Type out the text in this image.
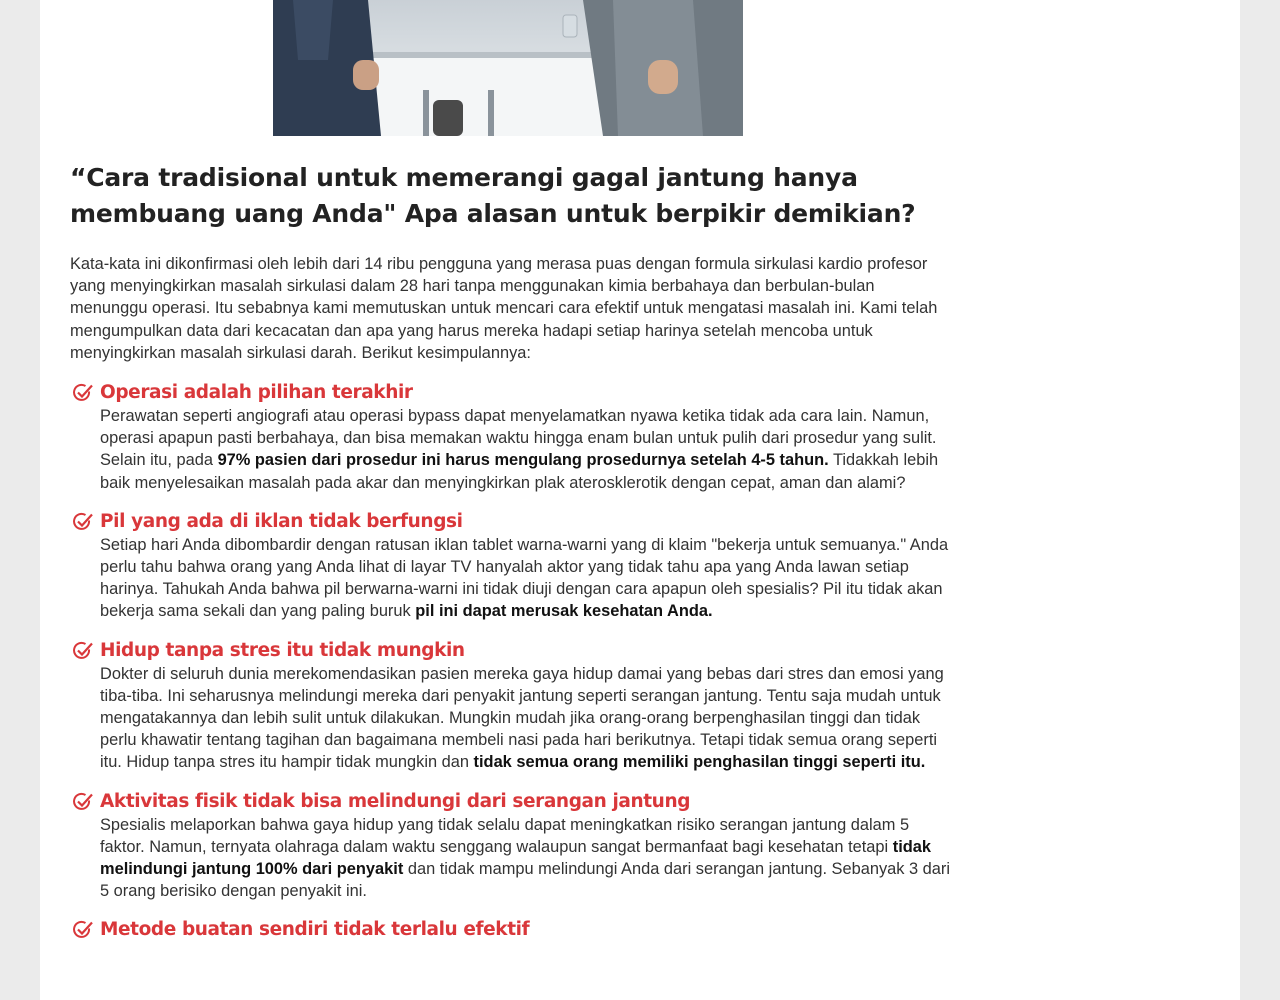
“Cara tradisional untuk memerangi gagal jantung hanya membuang uang Anda" Apa alasan untuk berpikir demikian?

Kata-kata ini dikonfirmasi oleh lebih dari 14 ribu pengguna yang merasa puas dengan formula sirkulasi kardio profesor yang menyingkirkan masalah sirkulasi dalam 28 hari tanpa menggunakan kimia berbahaya dan berbulan-bulan menunggu operasi. Itu sebabnya kami memutuskan untuk mencari cara efektif untuk mengatasi masalah ini. Kami telah mengumpulkan data dari kecacatan dan apa yang harus mereka hadapi setiap harinya setelah mencoba untuk menyingkirkan masalah sirkulasi darah. Berikut kesimpulannya:

Operasi adalah pilihan terakhir

Perawatan seperti angiografi atau operasi bypass dapat menyelamatkan nyawa ketika tidak ada cara lain. Namun, operasi apapun pasti berbahaya, dan bisa memakan waktu hingga enam bulan untuk pulih dari prosedur yang sulit. Selain itu, pada 97% pasien dari prosedur ini harus mengulang prosedurnya setelah 4-5 tahun. Tidakkah lebih baik menyelesaikan masalah pada akar dan menyingkirkan plak aterosklerotik dengan cepat, aman dan alami?

Pil yang ada di iklan tidak berfungsi

Setiap hari Anda dibombardir dengan ratusan iklan tablet warna-warni yang di klaim "bekerja untuk semuanya." Anda perlu tahu bahwa orang yang Anda lihat di layar TV hanyalah aktor yang tidak tahu apa yang Anda lawan setiap harinya. Tahukah Anda bahwa pil berwarna-warni ini tidak diuji dengan cara apapun oleh spesialis? Pil itu tidak akan bekerja sama sekali dan yang paling buruk pil ini dapat merusak kesehatan Anda.

Hidup tanpa stres itu tidak mungkin

Dokter di seluruh dunia merekomendasikan pasien mereka gaya hidup damai yang bebas dari stres dan emosi yang tiba-tiba. Ini seharusnya melindungi mereka dari penyakit jantung seperti serangan jantung. Tentu saja mudah untuk mengatakannya dan lebih sulit untuk dilakukan. Mungkin mudah jika orang-orang berpenghasilan tinggi dan tidak perlu khawatir tentang tagihan dan bagaimana membeli nasi pada hari berikutnya. Tetapi tidak semua orang seperti itu. Hidup tanpa stres itu hampir tidak mungkin dan tidak semua orang memiliki penghasilan tinggi seperti itu.

Aktivitas fisik tidak bisa melindungi dari serangan jantung

Spesialis melaporkan bahwa gaya hidup yang tidak selalu dapat meningkatkan risiko serangan jantung dalam 5 faktor. Namun, ternyata olahraga dalam waktu senggang walaupun sangat bermanfaat bagi kesehatan tetapi tidak melindungi jantung 100% dari penyakit dan tidak mampu melindungi Anda dari serangan jantung. Sebanyak 3 dari 5 orang berisiko dengan penyakit ini.

Metode buatan sendiri tidak terlalu efektif
